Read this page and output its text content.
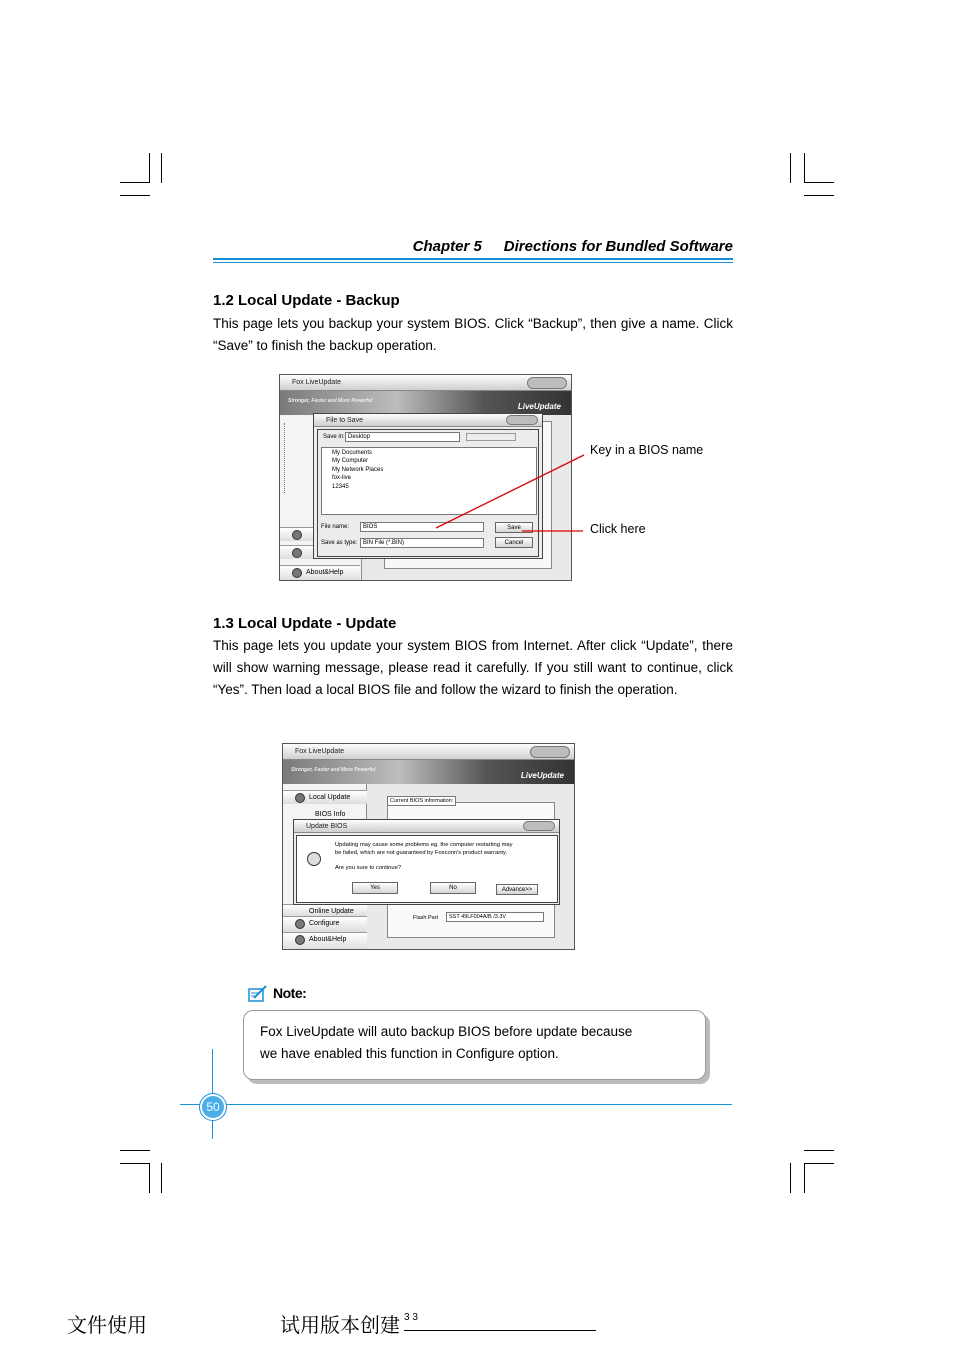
Chapter 5 Directions for Bundled Software
1.2 Local Update - Backup

This page lets you backup your system BIOS. Click “Backup”, then give a name. Click “Save” to finish the backup operation.

Fox LiveUpdate
Stronger, Faster and More Powerful
LiveUpdate
About&Help
File to Save
Save in: Desktop
My Documents
My Computer
My Network Places
fox-live
12345
File name:	BIOS
Save as type: BIN File (*.BIN)
Save
Cancel
Key in a BIOS name
Click here
1.3 Local Update - Update

This page lets you update your system BIOS from Internet. After click “Update”, there will show warning message, please read it carefully. If you still want to continue, click “Yes”. Then load a local BIOS file and follow the wizard to finish the operation.

Fox LiveUpdate
Stronger, Faster and More Powerful
LiveUpdate
Local Update
BIOS Info
Online Update
Configure
About&Help
Current BIOS information:
Flash Part	SST 49LF004A/B /3.3V
Update BIOS
Updating may cause some problems eg. the computer restarting may
be failed, which are not guaranteed by Foxconn's product warranty.
Are you sure to continue?
Yes	No	Advance>>
Note:

Fox LiveUpdate will auto backup BIOS before update because
we have enabled this function in Configure option.

50
文件使用	试用版本创建 3 3
